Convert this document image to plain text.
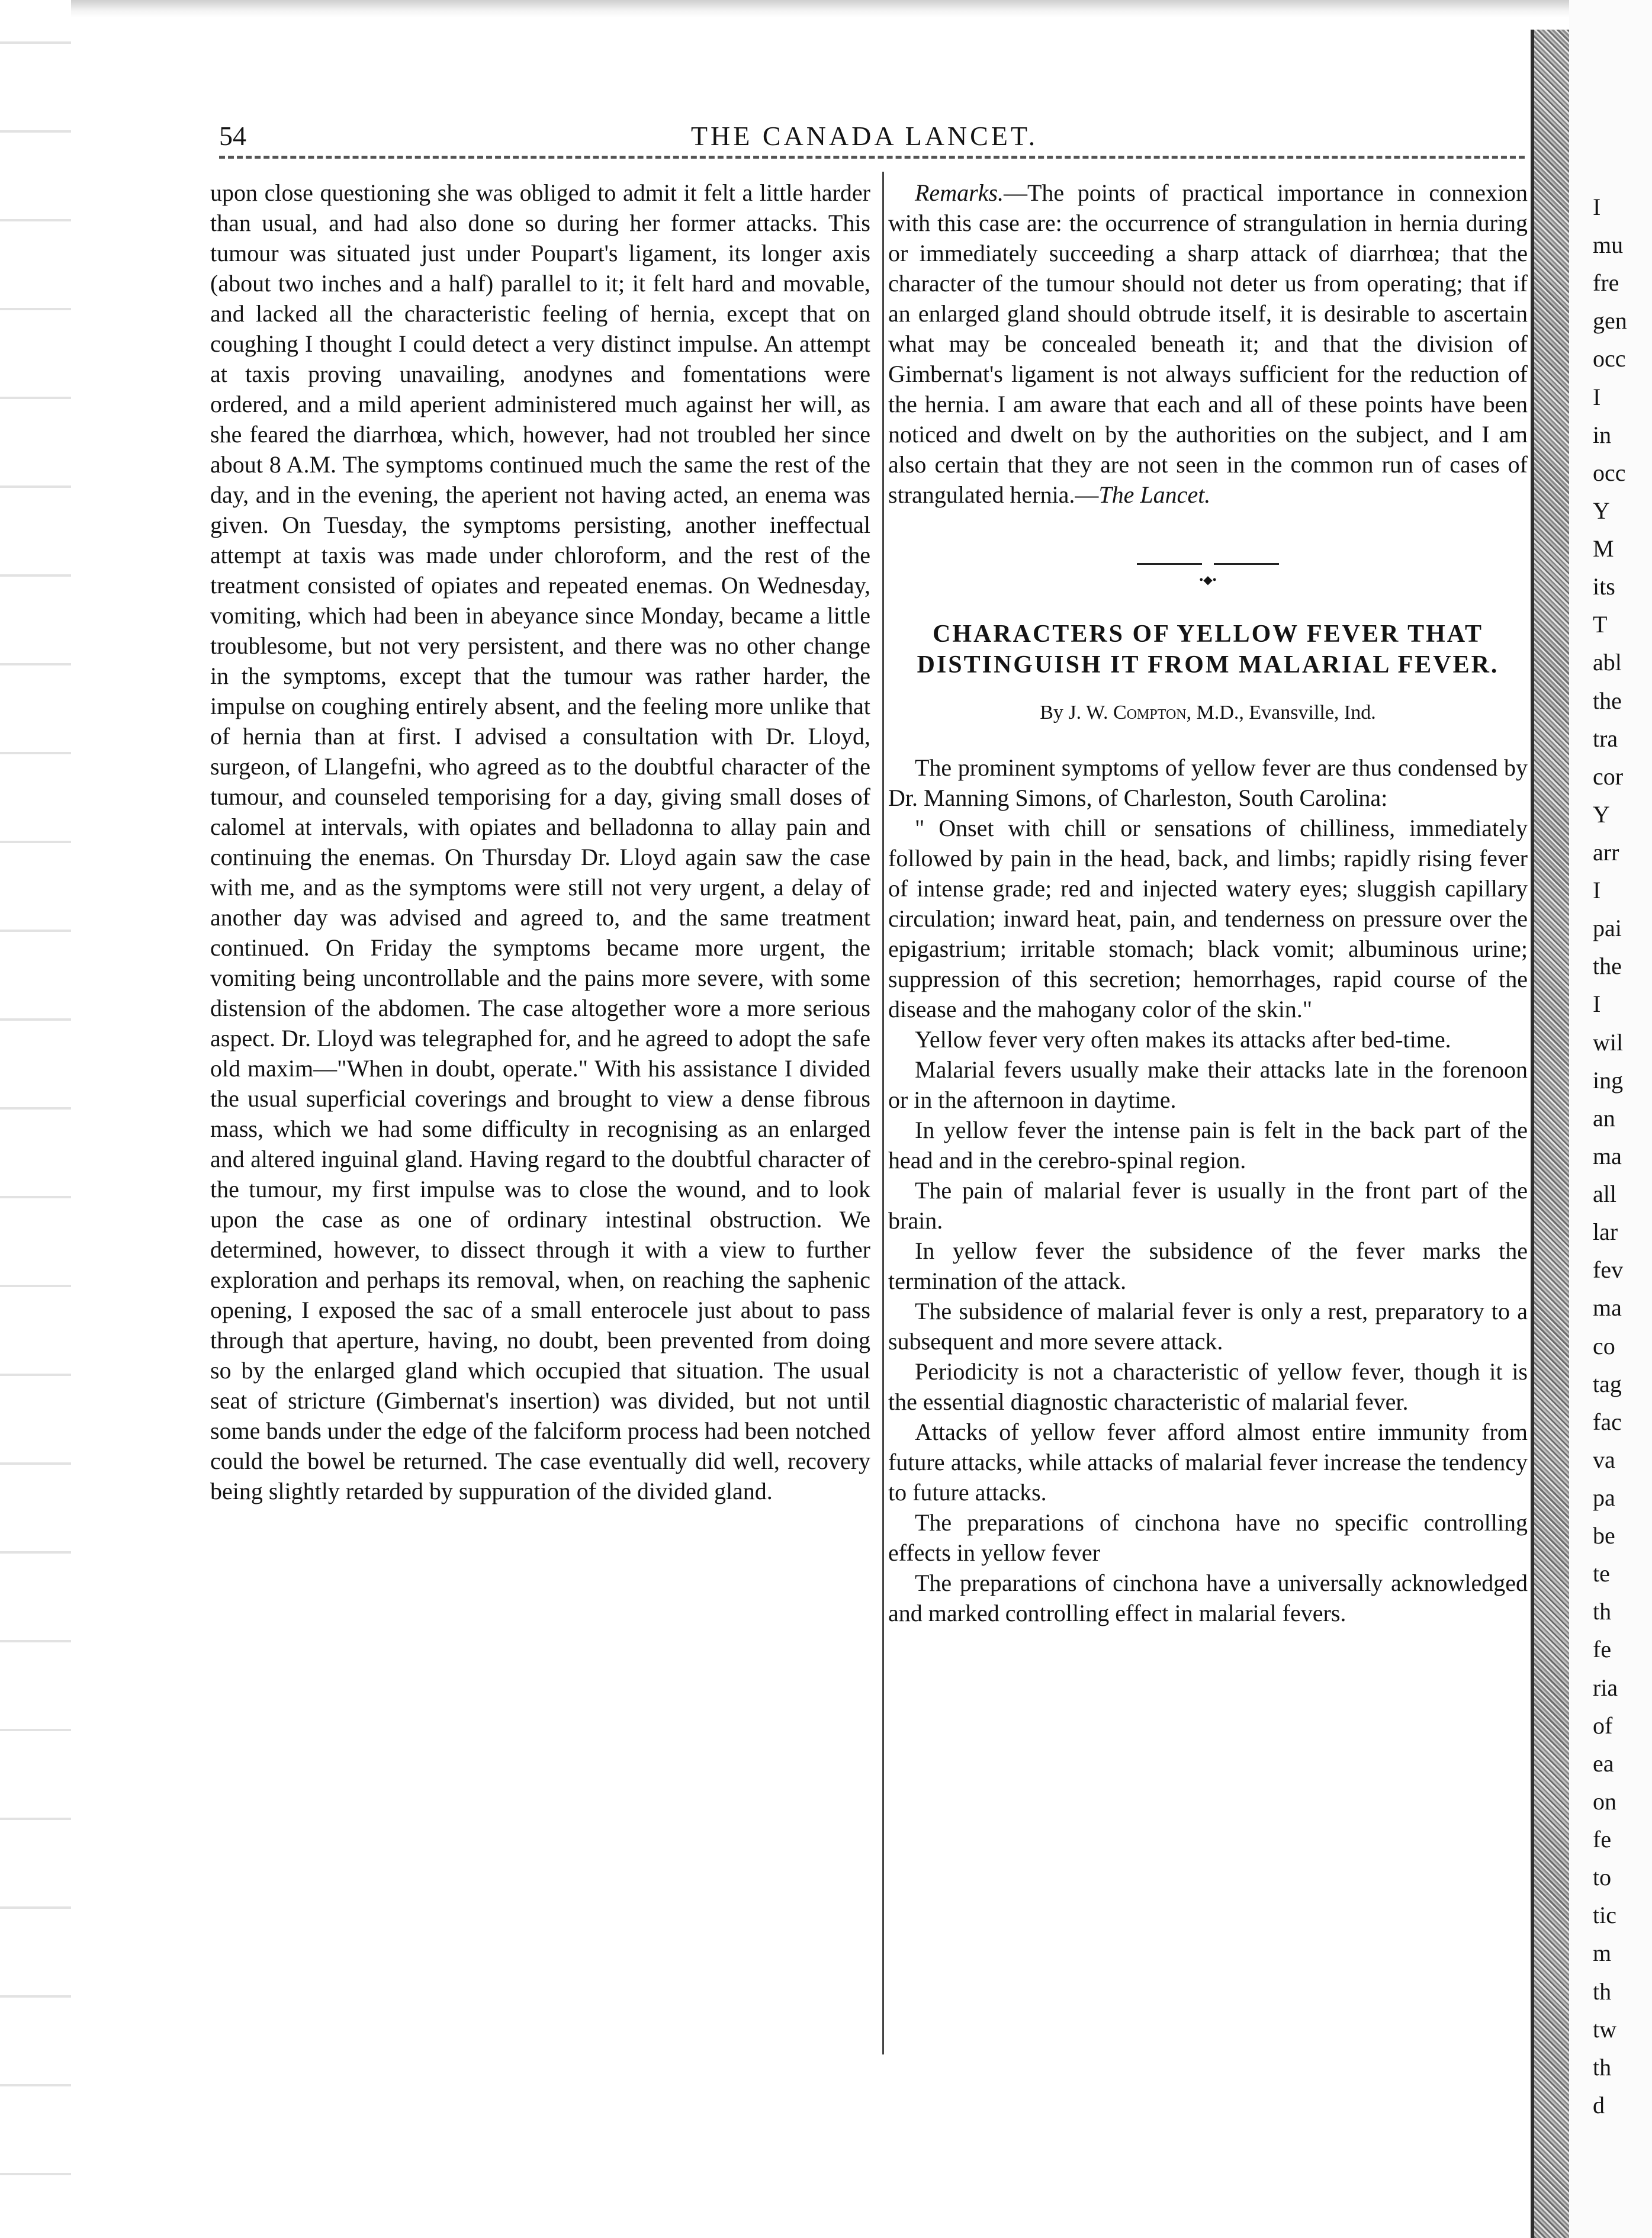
54	THE CANADA LANCET.

upon close questioning she was obliged to admit it felt a little harder than usual, and had also done so during her former attacks. This tumour was situated just under Poupart's ligament, its longer axis (about two inches and a half) parallel to it; it felt hard and movable, and lacked all the characteristic feeling of hernia, except that on coughing I thought I could detect a very distinct impulse. An attempt at taxis proving unavailing, anodynes and fomentations were ordered, and a mild aperient administered much against her will, as she feared the diarrhœa, which, however, had not troubled her since about 8 A.M. The symptoms continued much the same the rest of the day, and in the evening, the aperient not having acted, an enema was given. On Tuesday, the symptoms persisting, another ineffectual attempt at taxis was made under chloroform, and the rest of the treatment consisted of opiates and repeated enemas. On Wednesday, vomiting, which had been in abeyance since Monday, became a little troublesome, but not very persistent, and there was no other change in the symptoms, except that the tumour was rather harder, the impulse on coughing entirely absent, and the feeling more unlike that of hernia than at first. I advised a consultation with Dr. Lloyd, surgeon, of Llangefni, who agreed as to the doubtful character of the tumour, and counseled temporising for a day, giving small doses of calomel at intervals, with opiates and belladonna to allay pain and continuing the enemas. On Thursday Dr. Lloyd again saw the case with me, and as the symptoms were still not very urgent, a delay of another day was advised and agreed to, and the same treatment continued. On Friday the symptoms became more urgent, the vomiting being uncontrollable and the pains more severe, with some distension of the abdomen. The case altogether wore a more serious aspect. Dr. Lloyd was telegraphed for, and he agreed to adopt the safe old maxim—"When in doubt, operate." With his assistance I divided the usual superficial coverings and brought to view a dense fibrous mass, which we had some difficulty in recognising as an enlarged and altered inguinal gland. Having regard to the doubtful character of the tumour, my first impulse was to close the wound, and to look upon the case as one of ordinary intestinal obstruction. We determined, however, to dissect through it with a view to further exploration and perhaps its removal, when, on reaching the saphenic opening, I exposed the sac of a small enterocele just about to pass through that aperture, having, no doubt, been prevented from doing so by the enlarged gland which occupied that situation. The usual seat of stricture (Gimbernat's insertion) was divided, but not until some bands under the edge of the falciform process had been notched could the bowel be returned. The case eventually did well, recovery being slightly retarded by suppuration of the divided gland.

Remarks.—The points of practical importance in connexion with this case are: the occurrence of strangulation in hernia during or immediately succeeding a sharp attack of diarrhœa; that the character of the tumour should not deter us from operating; that if an enlarged gland should obtrude itself, it is desirable to ascertain what may be concealed beneath it; and that the division of Gimbernat's ligament is not always sufficient for the reduction of the hernia. I am aware that each and all of these points have been noticed and dwelt on by the authorities on the subject, and I am also certain that they are not seen in the common run of cases of strangulated hernia.—The Lancet.

•◆•
CHARACTERS OF YELLOW FEVER THAT DISTINGUISH IT FROM MALARIAL FEVER.
By J. W. Compton, M.D., Evansville, Ind.

The prominent symptoms of yellow fever are thus condensed by Dr. Manning Simons, of Charleston, South Carolina:

" Onset with chill or sensations of chilliness, immediately followed by pain in the head, back, and limbs; rapidly rising fever of intense grade; red and injected watery eyes; sluggish capillary circulation; inward heat, pain, and tenderness on pressure over the epigastrium; irritable stomach; black vomit; albuminous urine; suppression of this secretion; hemorrhages, rapid course of the disease and the mahogany color of the skin."

Yellow fever very often makes its attacks after bed-time.

Malarial fevers usually make their attacks late in the forenoon or in the afternoon in daytime.

In yellow fever the intense pain is felt in the back part of the head and in the cerebro-spinal region.

The pain of malarial fever is usually in the front part of the brain.

In yellow fever the subsidence of the fever marks the termination of the attack.

The subsidence of malarial fever is only a rest, preparatory to a subsequent and more severe attack.

Periodicity is not a characteristic of yellow fever, though it is the essential diagnostic characteristic of malarial fever.

Attacks of yellow fever afford almost entire immunity from future attacks, while attacks of malarial fever increase the tendency to future attacks.

The preparations of cinchona have no specific controlling effects in yellow fever

The preparations of cinchona have a universally acknowledged and marked controlling effect in malarial fevers.

I
mu
fre
gen
occ
I
in
occ
Y
M
its
T
abl
the
tra
cor
Y
arr
I
pai
the
I
wil
ing
an
ma
all
lar
fev
ma
co
tag
fac
va
pa
be
te
th
fe
ria
of
ea
on
fe
to
tic
m
th
tw
th
d
